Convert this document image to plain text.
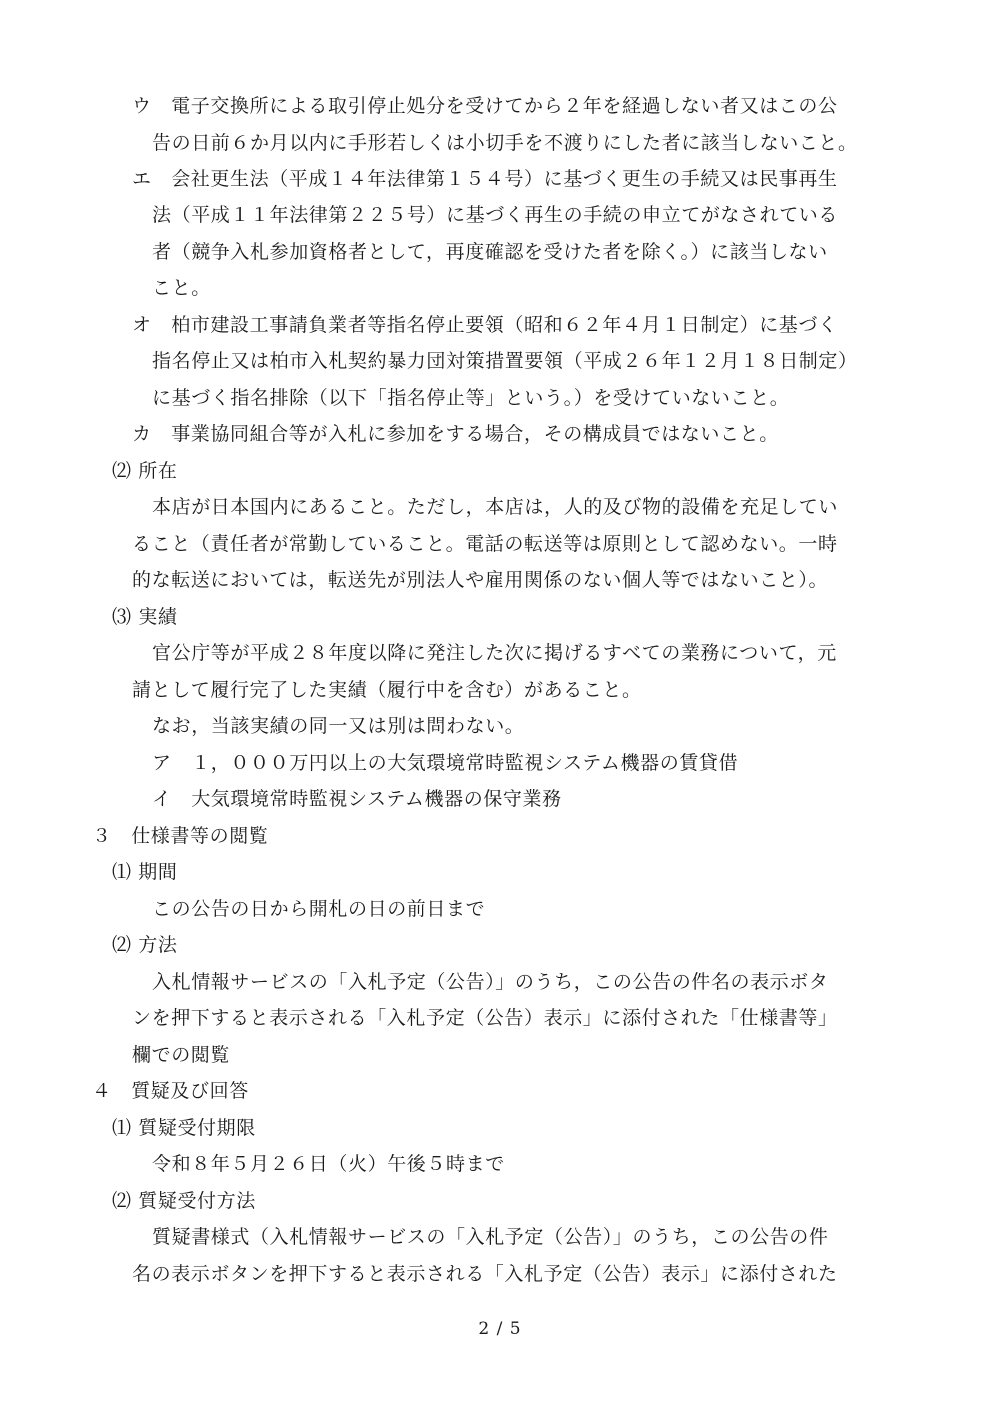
ウ　電子交換所による取引停止処分を受けてから２年を経過しない者又はこの公
告の日前６か月以内に手形若しくは小切手を不渡りにした者に該当しないこと。
エ　会社更生法（平成１４年法律第１５４号）に基づく更生の手続又は民事再生
法（平成１１年法律第２２５号）に基づく再生の手続の申立てがなされている
者（競争入札参加資格者として，再度確認を受けた者を除く。）に該当しない
こと。
オ　柏市建設工事請負業者等指名停止要領（昭和６２年４月１日制定）に基づく
指名停止又は柏市入札契約暴力団対策措置要領（平成２６年１２月１８日制定）
に基づく指名排除（以下「指名停止等」という。）を受けていないこと。
カ　事業協同組合等が入札に参加をする場合，その構成員ではないこと。
⑵ 所在
本店が日本国内にあること。ただし，本店は，人的及び物的設備を充足してい
ること（責任者が常勤していること。電話の転送等は原則として認めない。一時
的な転送においては，転送先が別法人や雇用関係のない個人等ではないこと）。
⑶ 実績
官公庁等が平成２８年度以降に発注した次に掲げるすべての業務について，元
請として履行完了した実績（履行中を含む）があること。
なお，当該実績の同一又は別は問わない。
ア　１，０００万円以上の大気環境常時監視システム機器の賃貸借
イ　大気環境常時監視システム機器の保守業務
３　仕様書等の閲覧
⑴ 期間
この公告の日から開札の日の前日まで
⑵ 方法
入札情報サービスの「入札予定（公告）」のうち，この公告の件名の表示ボタ
ンを押下すると表示される「入札予定（公告）表示」に添付された「仕様書等」
欄での閲覧
４　質疑及び回答
⑴ 質疑受付期限
令和８年５月２６日（火）午後５時まで
⑵ 質疑受付方法
質疑書様式（入札情報サービスの「入札予定（公告）」のうち，この公告の件
名の表示ボタンを押下すると表示される「入札予定（公告）表示」に添付された
2 / 5
